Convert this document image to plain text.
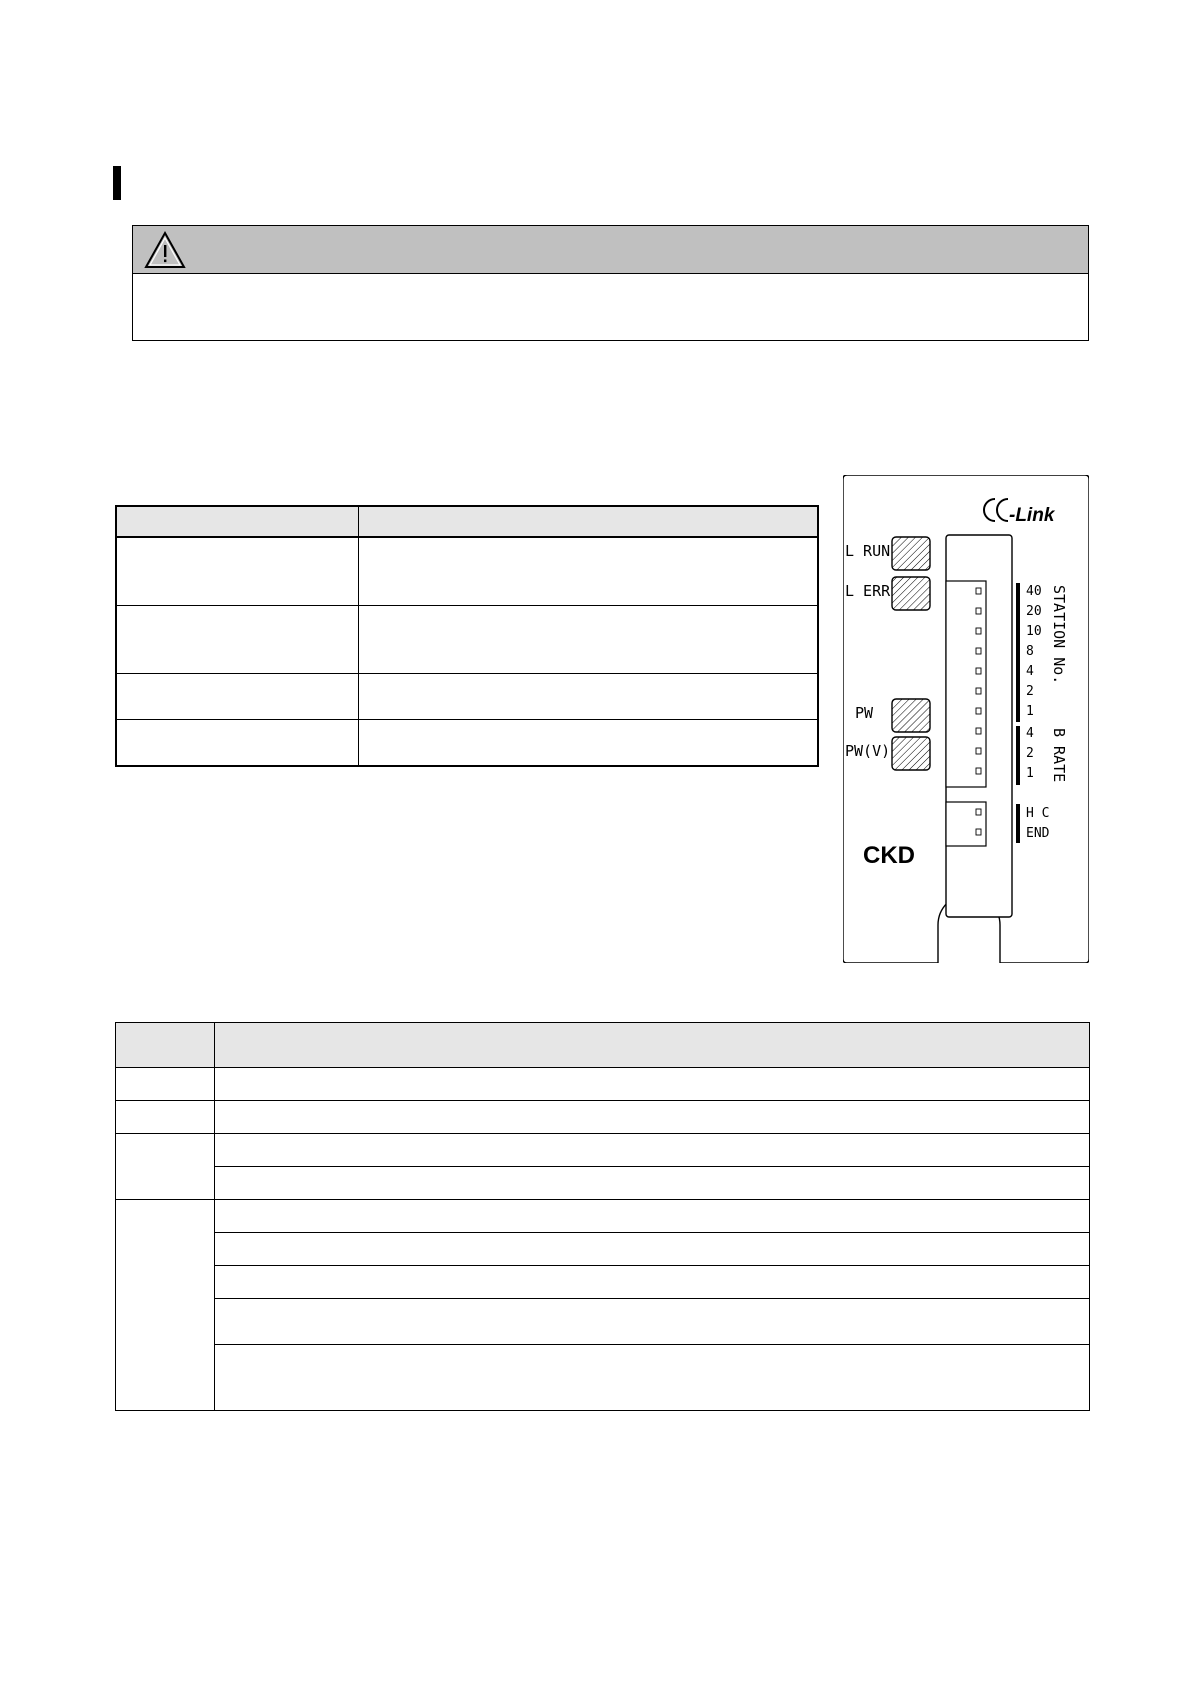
-Link
L RUN
L ERR
PW
PW(V)
40
20
10
8
4
2
1
4
2
1
H C
END
STATION No.
B RATE
CKD
